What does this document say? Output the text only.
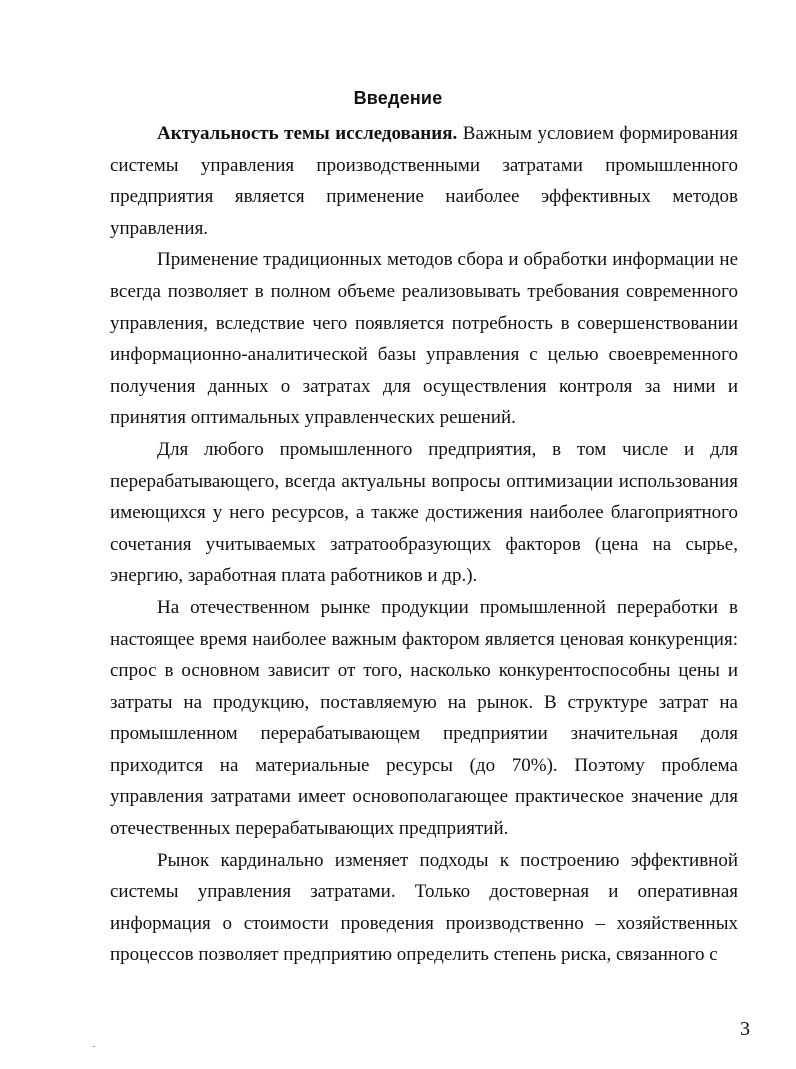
Введение

Актуальность темы исследования. Важным условием формирования системы управления производственными затратами промышленного предприятия является применение наиболее эффективных методов управления.

Применение традиционных методов сбора и обработки информации не всегда позволяет в полном объеме реализовывать требования современного управления, вследствие чего появляется потребность в совершенствовании информационно-аналитической базы управления с целью своевременного получения данных о затратах для осуществления контроля за ними и принятия оптимальных управленческих решений.

Для любого промышленного предприятия, в том числе и для перерабатывающего, всегда актуальны вопросы оптимизации использования имеющихся у него ресурсов, а также достижения наиболее благоприятного сочетания учитываемых затратообразующих факторов (цена на сырье, энергию, заработная плата работников и др.).

На отечественном рынке продукции промышленной переработки в настоящее время наиболее важным фактором является ценовая конкуренция: спрос в основном зависит от того, насколько конкурентоспособны цены и затраты на продукцию, поставляемую на рынок. В структуре затрат на промышленном перерабатывающем предприятии значительная доля приходится на материальные ресурсы (до 70%). Поэтому проблема управления затратами имеет основополагающее практическое значение для отечественных перерабатывающих предприятий.

Рынок кардинально изменяет подходы к построению эффективной системы управления затратами. Только достоверная и оперативная информация о стоимости проведения производственно – хозяйственных процессов позволяет предприятию определить степень риска, связанного с

-
3
